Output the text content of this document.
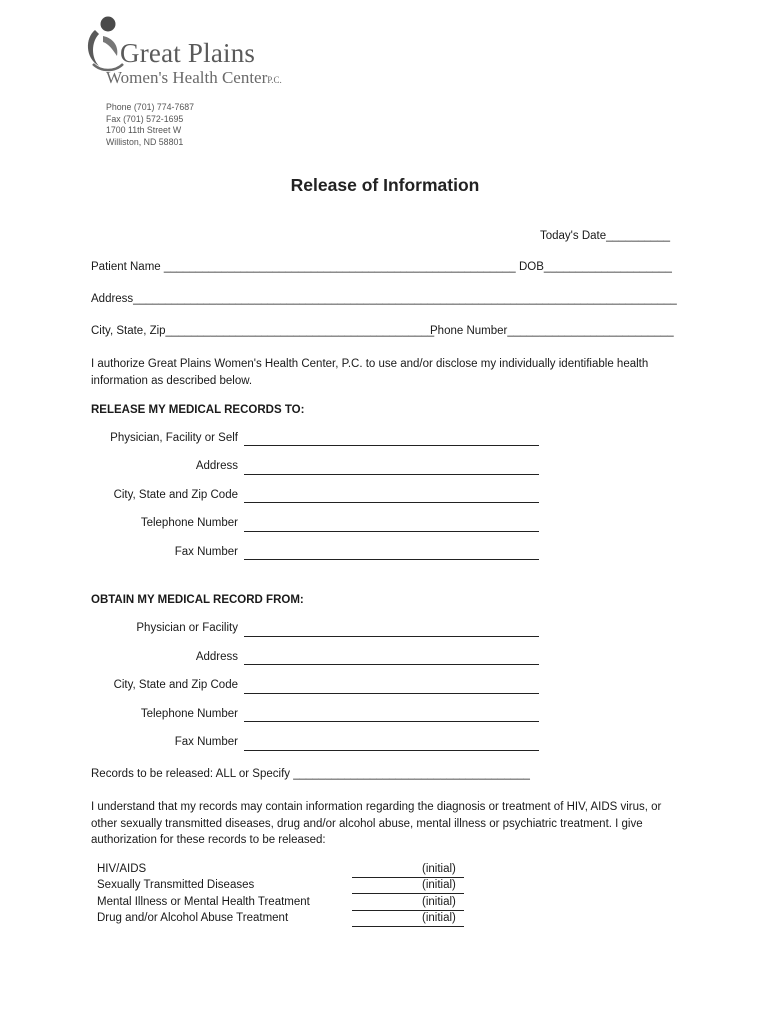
Great Plains
Women's Health CenterP.C.
Phone (701) 774-7687
Fax (701) 572-1695
1700 11th Street W
Williston, ND 58801
Release of Information
Today's Date__________
Patient Name _______________________________________________________ DOB____________________
Address_____________________________________________________________________________________
City, State, Zip__________________________________________
Phone Number__________________________
I authorize Great Plains Women's Health Center, P.C. to use and/or disclose my individually identifiable health information as described below.
RELEASE MY MEDICAL RECORDS TO:
Physician, Facility or Self
Address
City, State and Zip Code
Telephone Number
Fax Number
OBTAIN MY MEDICAL RECORD FROM:
Physician or Facility
Address
City, State and Zip Code
Telephone Number
Fax Number
Records to be released: ALL or Specify _____________________________________
I understand that my records may contain information regarding the diagnosis or treatment of HIV, AIDS virus, or other sexually transmitted diseases, drug and/or alcohol abuse, mental illness or psychiatric treatment. I give authorization for these records to be released:
HIV/AIDS	(initial)
Sexually Transmitted Diseases	(initial)
Mental Illness or Mental Health Treatment	(initial)
Drug and/or Alcohol Abuse Treatment	(initial)
